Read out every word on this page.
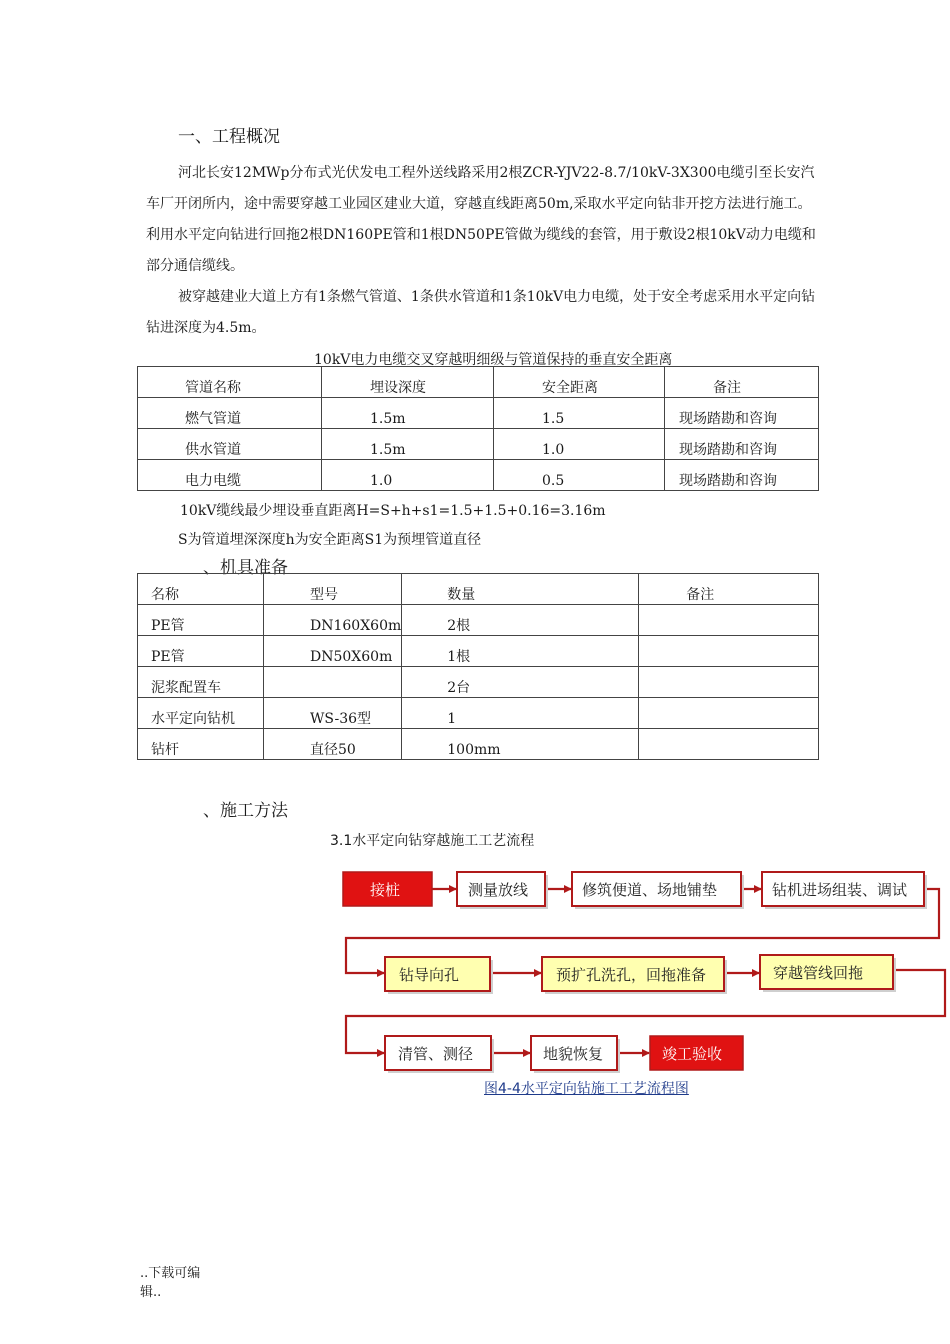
一、工程概况

河北长安12MWp分布式光伏发电工程外送线路采用2根ZCR-YJV22-8.7/10kV-3X300电缆引至长安汽车厂开闭所内，途中需要穿越工业园区建业大道，穿越直线距离50m,采取水平定向钻非开挖方法进行施工。利用水平定向钻进行回拖2根DN160PE管和1根DN50PE管做为缆线的套管，用于敷设2根10kV动力电缆和部分通信缆线。

被穿越建业大道上方有1条燃气管道、1条供水管道和1条10kV电力电缆，处于安全考虑采用水平定向钻钻进深度为4.5m。

10kV电力电缆交叉穿越明细级与管道保持的垂直安全距离
管道名称	埋设深度	安全距离	备注
燃气管道	1.5m	1.5	现场踏勘和咨询
供水管道	1.5m	1.0	现场踏勘和咨询
电力电缆	1.0	0.5	现场踏勘和咨询
10kV缆线最少埋设垂直距离H=S+h+s1=1.5+1.5+0.16=3.16m
S为管道埋深深度h为安全距离S1为预埋管道直径
、机具准备
名称	型号	数量	备注
PE管	DN160X60m	2根	
PE管	DN50X60m	1根	
泥浆配置车		2台	
水平定向钻机	WS-36型	1	
钻杆	直径50	100mm	
、施工方法
3.1水平定向钻穿越施工工艺流程
接桩	测量放线	修筑便道、场地铺垫	钻机进场组装、调试
钻导向孔	预扩孔洗孔，回拖准备	穿越管线回拖
清管、测径	地貌恢复	竣工验收
图4-4水平定向钻施工工艺流程图
..下载可编
辑..
